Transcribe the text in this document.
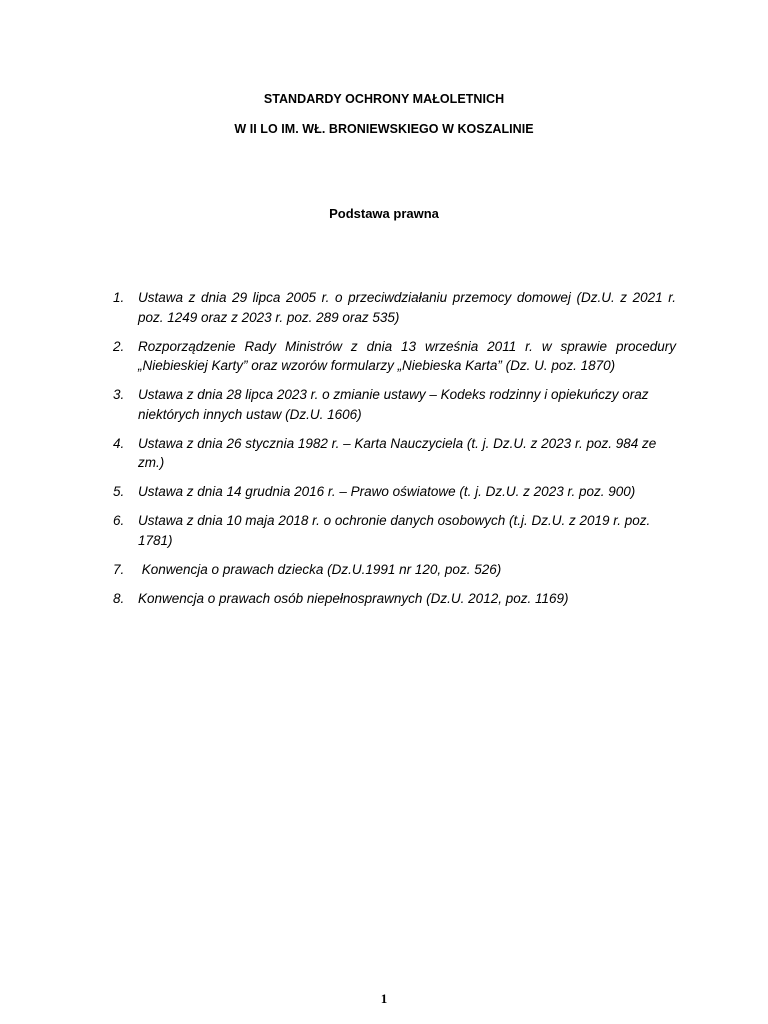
STANDARDY OCHRONY MAŁOLETNICH
W II LO IM. WŁ. BRONIEWSKIEGO W KOSZALINIE
Podstawa prawna
1.	Ustawa z dnia 29 lipca 2005 r. o przeciwdziałaniu przemocy domowej (Dz.U. z 2021 r. poz. 1249 oraz z 2023 r. poz. 289 oraz 535)
2.	Rozporządzenie Rady Ministrów z dnia 13 września 2011 r. w sprawie procedury „Niebieskiej Karty” oraz wzorów formularzy „Niebieska Karta” (Dz. U. poz. 1870)
3.	Ustawa z dnia 28 lipca 2023 r. o zmianie ustawy – Kodeks rodzinny i opiekuńczy oraz niektórych innych ustaw (Dz.U. 1606)
4.	Ustawa z dnia 26 stycznia 1982 r. – Karta Nauczyciela (t. j. Dz.U. z 2023 r. poz. 984 ze zm.)
5.	Ustawa z dnia 14 grudnia 2016 r. – Prawo oświatowe (t. j. Dz.U. z 2023 r. poz. 900)
6.	Ustawa z dnia 10 maja 2018 r. o ochronie danych osobowych (t.j. Dz.U. z 2019 r. poz. 1781)
7.	Konwencja o prawach dziecka (Dz.U.1991 nr 120, poz. 526)
8.	Konwencja o prawach osób niepełnosprawnych (Dz.U. 2012, poz. 1169)
1
